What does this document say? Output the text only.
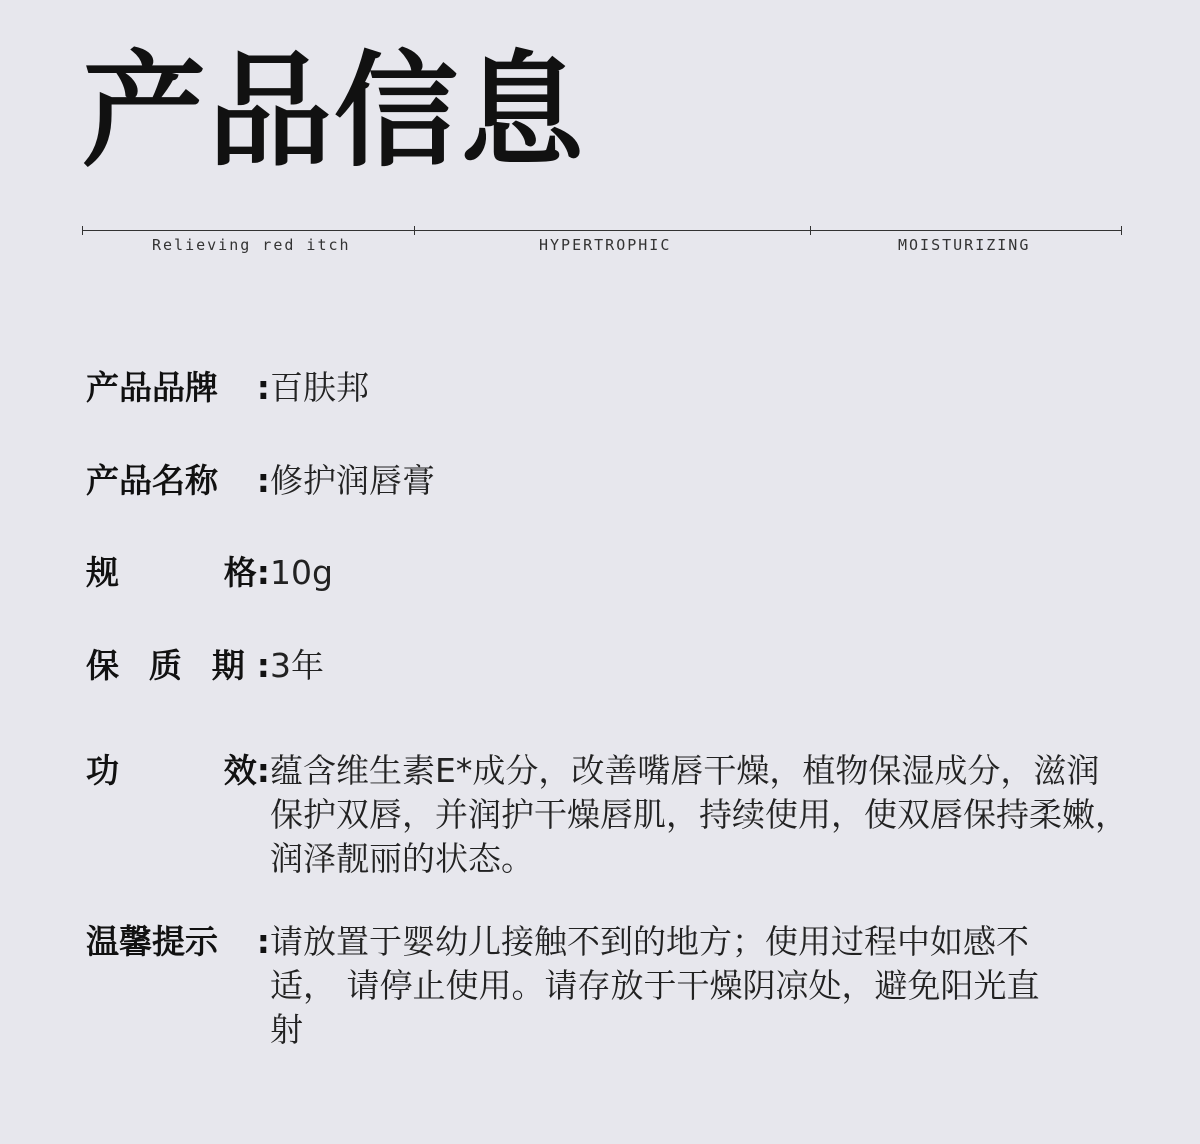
产品信息
Relieving red itch	HYPERTROPHIC	MOISTURIZING
产品品牌 : 百肤邦
产品名称 : 修护润唇膏
规	格 : 10g
保 质 期 : 3年
功	效 : 蕴含维生素E*成分，改善嘴唇干燥，植物保湿成分，滋润保护双唇，并润护干燥唇肌，持续使用，使双唇保持柔嫩，润泽靓丽的状态。
温馨提示 : 请放置于婴幼儿接触不到的地方；使用过程中如感不适， 请停止使用。请存放于干燥阴凉处，避免阳光直射
